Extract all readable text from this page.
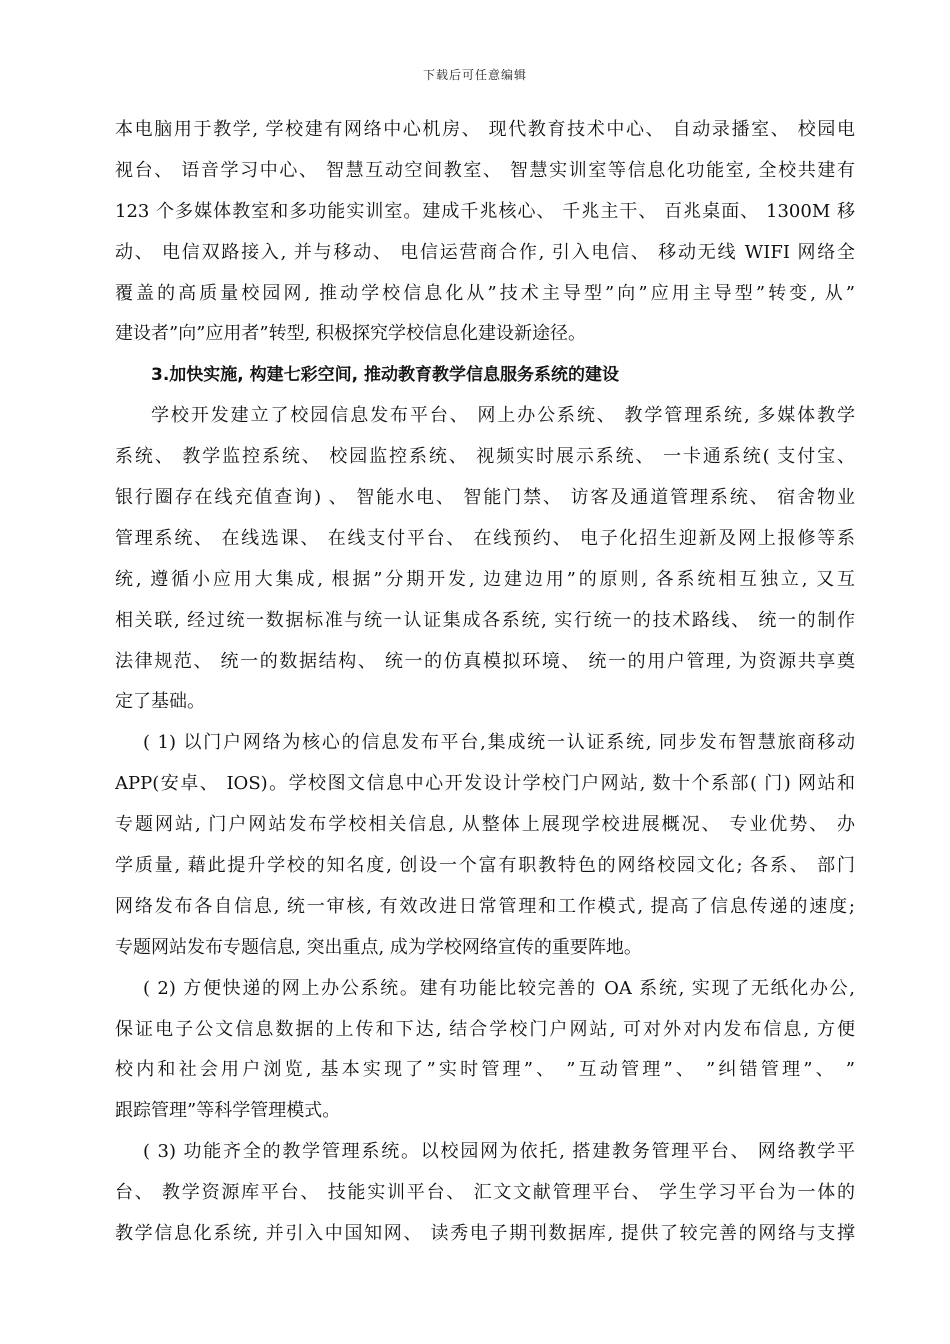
下载后可任意编辑
本电脑用于教学, 学校建有网络中心机房、 现代教育技术中心、 自动录播室、 校园电
视台、 语音学习中心、 智慧互动空间教室、 智慧实训室等信息化功能室, 全校共建有
123 个多媒体教室和多功能实训室。建成千兆核心、 千兆主干、 百兆桌面、 1300M 移
动、 电信双路接入, 并与移动、 电信运营商合作, 引入电信、 移动无线 WIFI 网络全
覆盖的高质量校园网, 推动学校信息化从”技术主导型”向”应用主导型”转变, 从”
建设者”向”应用者”转型, 积极探究学校信息化建设新途径。
3.加快实施, 构建七彩空间, 推动教育教学信息服务系统的建设
学校开发建立了校园信息发布平台、 网上办公系统、 教学管理系统, 多媒体教学
系统、 教学监控系统、 校园监控系统、 视频实时展示系统、 一卡通系统( 支付宝、
银行圈存在线充值查询) 、 智能水电、 智能门禁、 访客及通道管理系统、 宿舍物业
管理系统、 在线选课、 在线支付平台、 在线预约、 电子化招生迎新及网上报修等系
统, 遵循小应用大集成, 根据”分期开发, 边建边用”的原则, 各系统相互独立, 又互
相关联, 经过统一数据标准与统一认证集成各系统, 实行统一的技术路线、 统一的制作
法律规范、 统一的数据结构、 统一的仿真模拟环境、 统一的用户管理, 为资源共享奠
定了基础。
( 1) 以门户网络为核心的信息发布平台,集成统一认证系统, 同步发布智慧旅商移动
APP(安卓、 IOS)。学校图文信息中心开发设计学校门户网站, 数十个系部( 门) 网站和
专题网站, 门户网站发布学校相关信息, 从整体上展现学校进展概况、 专业优势、 办
学质量, 藉此提升学校的知名度, 创设一个富有职教特色的网络校园文化; 各系、 部门
网络发布各自信息, 统一审核, 有效改进日常管理和工作模式, 提高了信息传递的速度;
专题网站发布专题信息, 突出重点, 成为学校网络宣传的重要阵地。
( 2) 方便快递的网上办公系统。建有功能比较完善的 OA 系统, 实现了无纸化办公,
保证电子公文信息数据的上传和下达, 结合学校门户网站, 可对外对内发布信息, 方便
校内和社会用户浏览, 基本实现了”实时管理”、 ”互动管理”、 ”纠错管理”、 ”
跟踪管理”等科学管理模式。
( 3) 功能齐全的教学管理系统。以校园网为依托, 搭建教务管理平台、 网络教学平
台、 教学资源库平台、 技能实训平台、 汇文文献管理平台、 学生学习平台为一体的
教学信息化系统, 并引入中国知网、 读秀电子期刊数据库, 提供了较完善的网络与支撑
